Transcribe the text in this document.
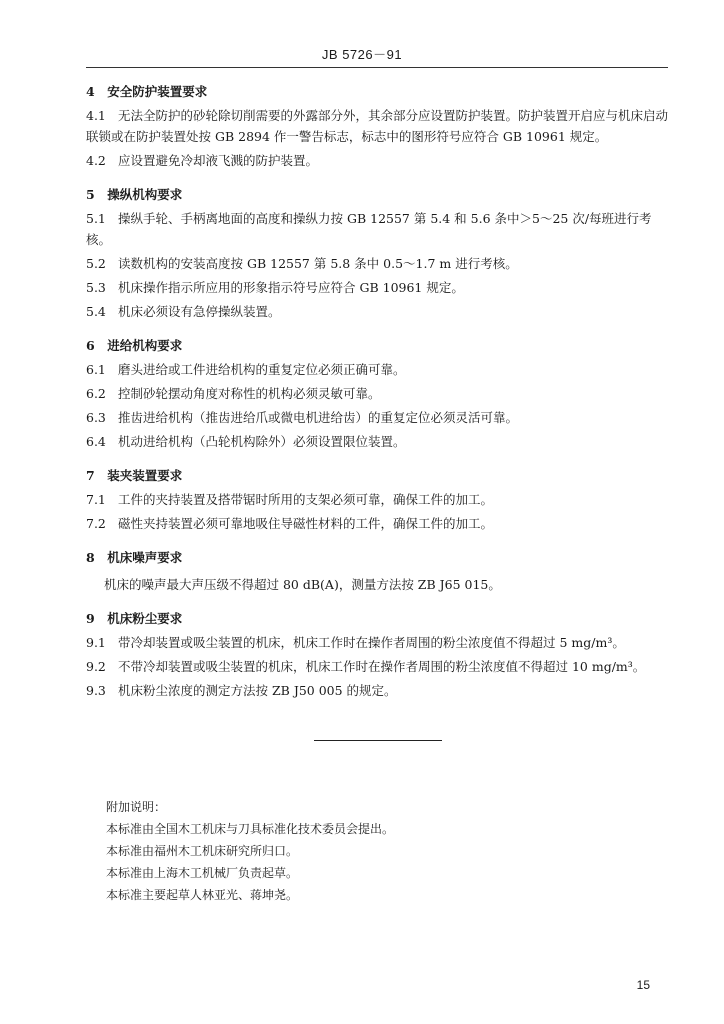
JB 5726－91

4　安全防护装置要求

4.1 无法全防护的砂轮除切削需要的外露部分外，其余部分应设置防护装置。防护装置开启应与机床启动联锁或在防护装置处按 GB 2894 作一警告标志，标志中的图形符号应符合 GB 10961 规定。
4.2 应设置避免冷却液飞溅的防护装置。

5　操纵机构要求

5.1 操纵手轮、手柄离地面的高度和操纵力按 GB 12557 第 5.4 和 5.6 条中＞5～25 次/每班进行考核。
5.2 读数机构的安装高度按 GB 12557 第 5.8 条中 0.5～1.7 m 进行考核。
5.3 机床操作指示所应用的形象指示符号应符合 GB 10961 规定。
5.4 机床必须设有急停操纵装置。

6　进给机构要求

6.1 磨头进给或工件进给机构的重复定位必须正确可靠。
6.2 控制砂轮摆动角度对称性的机构必须灵敏可靠。
6.3 推齿进给机构（推齿进给爪或微电机进给齿）的重复定位必须灵活可靠。
6.4 机动进给机构（凸轮机构除外）必须设置限位装置。

7　装夹装置要求

7.1 工件的夹持装置及搭带锯时所用的支架必须可靠，确保工件的加工。
7.2 磁性夹持装置必须可靠地吸住导磁性材料的工件，确保工件的加工。

8　机床噪声要求

机床的噪声最大声压级不得超过 80 dB(A)，测量方法按 ZB J65 015。

9　机床粉尘要求

9.1 带冷却装置或吸尘装置的机床，机床工作时在操作者周围的粉尘浓度值不得超过 5 mg/m³。
9.2 不带冷却装置或吸尘装置的机床，机床工作时在操作者周围的粉尘浓度值不得超过 10 mg/m³。
9.3 机床粉尘浓度的测定方法按 ZB J50 005 的规定。
附加说明：
本标准由全国木工机床与刀具标准化技术委员会提出。
本标准由福州木工机床研究所归口。
本标准由上海木工机械厂负责起草。
本标准主要起草人林亚光、蒋坤尧。
15
